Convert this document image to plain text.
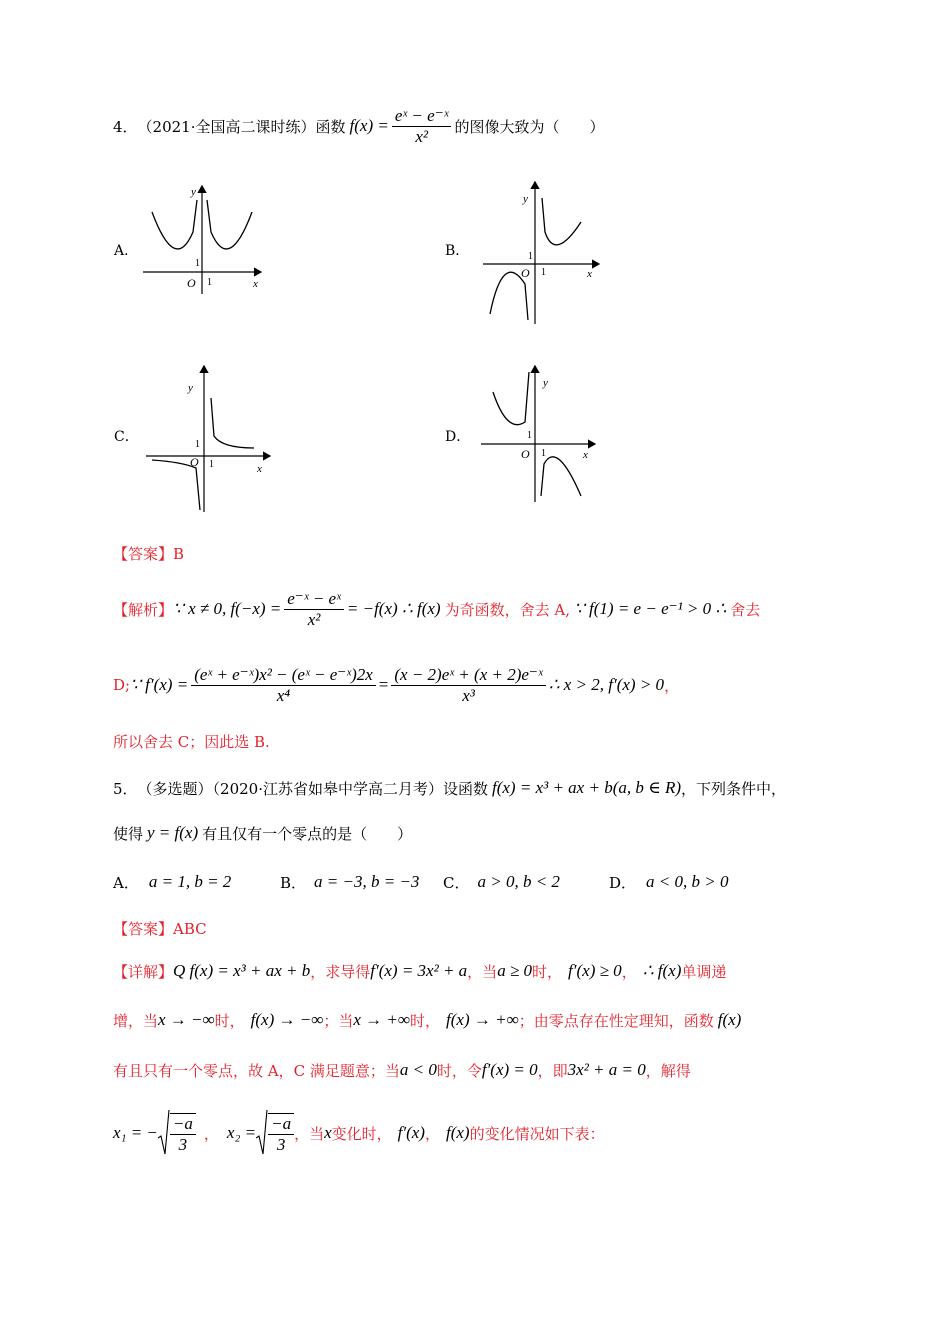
4． （2021·全国高二课时练） 函数 $f(x) = \frac{\text{eˣ − e⁻ˣ}}{\text{x²}}$ 的图像大致为（　　）
A．	B．
C．	D．
y
x
O
1
1
y
x
O
1
1
y
x
O
1
1
y
x
O
1
1
【答案】B
【解析】 ∵ x ≠ 0, $f(-x) = \frac{\text{e⁻ˣ − eˣ}}{\text{x²}} = -f(x)$ ∴ f(x) 为奇函数，舍去 A, ∵ f(1) = e − e⁻¹ > 0 ∴ 舍去
D; ∵ $f'(x) = \frac{\text{(eˣ + e⁻ˣ)x² − (eˣ − e⁻ˣ)2x}}{\text{x⁴}} = \frac{\text{(x − 2)eˣ + (x + 2)e⁻ˣ}}{\text{x³}}$ ∴ x > 2, f′(x) > 0 ，
所以舍去 C；因此选 B.
5． （多选题）（2020·江苏省如皋中学高二月考）设函数 f(x) = x³ + ax + b(a, b ∈ R) ，下列条件中，
使得 y = f(x) 有且仅有一个零点的是（　　）
A． a = 1, b = 2	B． a = −3, b = −3 C． a > 0, b < 2	D． a < 0, b > 0
【答案】ABC
【详解】 Q f(x) = x³ + ax + b ，求导得 f′(x) = 3x² + a ，当 a ≥ 0 时， f′(x) ≥ 0 ， ∴ f(x) 单调递
增，当 x → −∞ 时， f(x) → −∞ ；当 x → +∞ 时， f(x) → +∞ ；由零点存在性定理知，函数 f(x)
有且只有一个零点，故 A，C 满足题意；当 a < 0 时，令 f′(x) = 0 ，即 3x² + a = 0 ，解得
x₁ = − $\frac{-a}{3}$ ， $x_2 = \frac{-a}{3}$ ，当 x 变化时， f′(x) ， f(x) 的变化情况如下表：
